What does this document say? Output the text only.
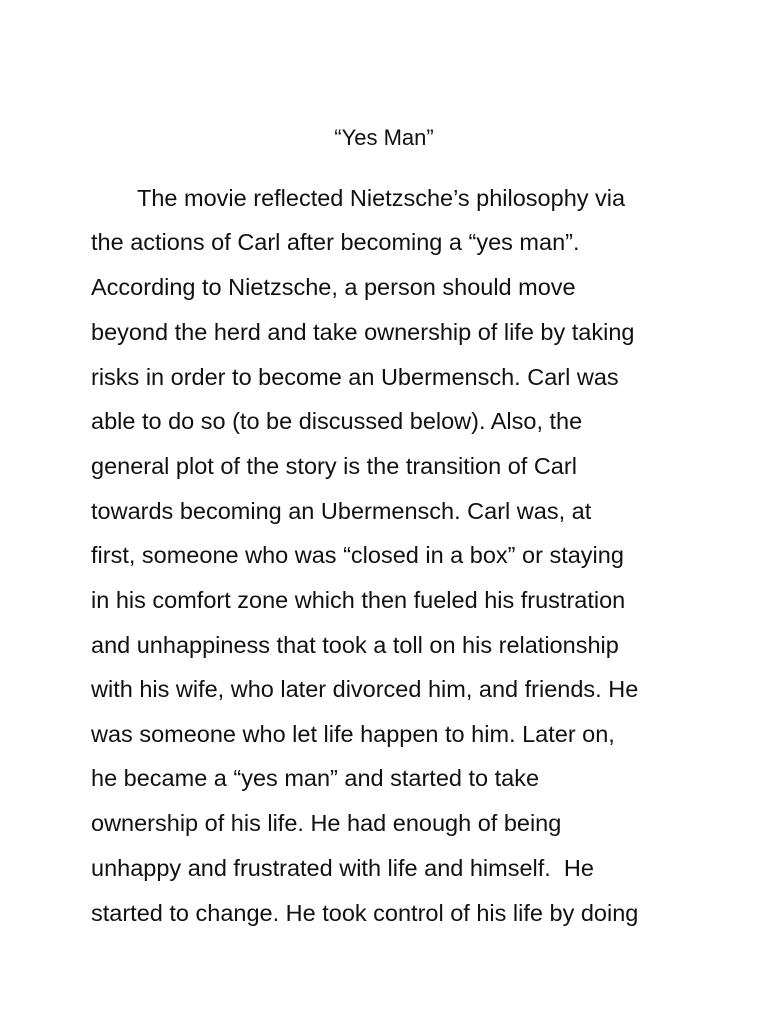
“Yes Man”
The movie reflected Nietzsche’s philosophy via
the actions of Carl after becoming a “yes man”.
According to Nietzsche, a person should move
beyond the herd and take ownership of life by taking
risks in order to become an Ubermensch. Carl was
able to do so (to be discussed below). Also, the
general plot of the story is the transition of Carl
towards becoming an Ubermensch. Carl was, at
first, someone who was “closed in a box” or staying
in his comfort zone which then fueled his frustration
and unhappiness that took a toll on his relationship
with his wife, who later divorced him, and friends. He
was someone who let life happen to him. Later on,
he became a “yes man” and started to take
ownership of his life. He had enough of being
unhappy and frustrated with life and himself.  He
started to change. He took control of his life by doing
